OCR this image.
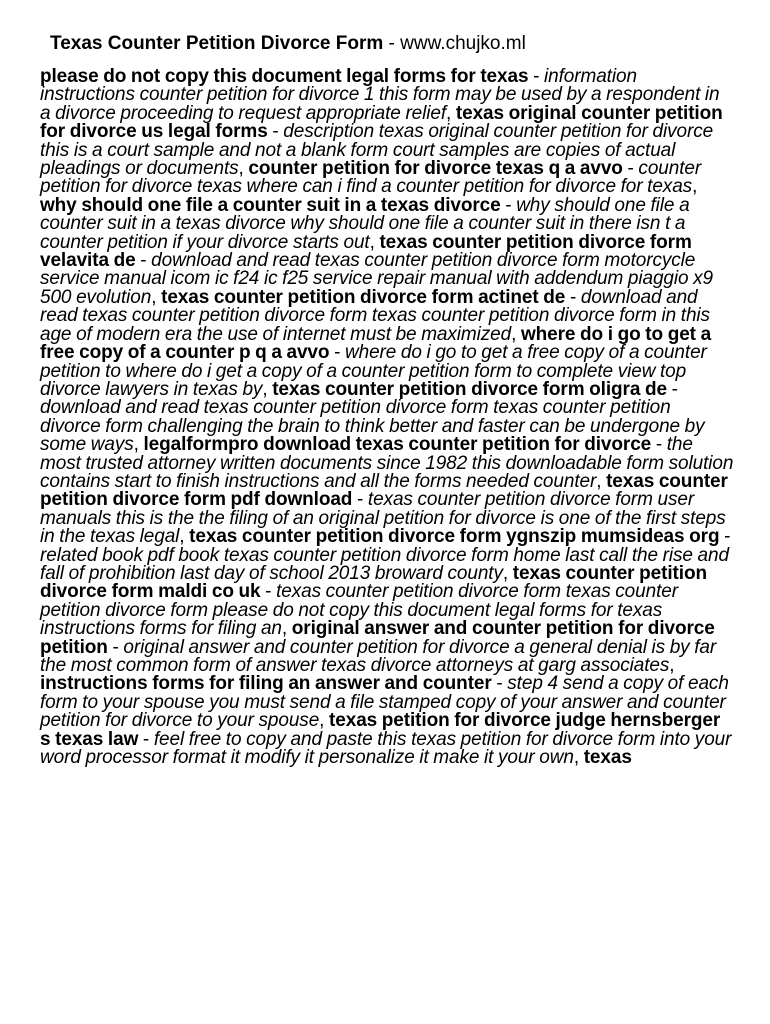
Texas Counter Petition Divorce Form - www.chujko.ml
please do not copy this document legal forms for texas - information instructions counter petition for divorce 1 this form may be used by a respondent in a divorce proceeding to request appropriate relief, texas original counter petition for divorce us legal forms - description texas original counter petition for divorce this is a court sample and not a blank form court samples are copies of actual pleadings or documents, counter petition for divorce texas q a avvo - counter petition for divorce texas where can i find a counter petition for divorce for texas, why should one file a counter suit in a texas divorce - why should one file a counter suit in a texas divorce why should one file a counter suit in there isn t a counter petition if your divorce starts out, texas counter petition divorce form velavita de - download and read texas counter petition divorce form motorcycle service manual icom ic f24 ic f25 service repair manual with addendum piaggio x9 500 evolution, texas counter petition divorce form actinet de - download and read texas counter petition divorce form texas counter petition divorce form in this age of modern era the use of internet must be maximized, where do i go to get a free copy of a counter p q a avvo - where do i go to get a free copy of a counter petition to where do i get a copy of a counter petition form to complete view top divorce lawyers in texas by, texas counter petition divorce form oligra de - download and read texas counter petition divorce form texas counter petition divorce form challenging the brain to think better and faster can be undergone by some ways, legalformpro download texas counter petition for divorce - the most trusted attorney written documents since 1982 this downloadable form solution contains start to finish instructions and all the forms needed counter, texas counter petition divorce form pdf download - texas counter petition divorce form user manuals this is the the filing of an original petition for divorce is one of the first steps in the texas legal, texas counter petition divorce form ygnszip mumsideas org - related book pdf book texas counter petition divorce form home last call the rise and fall of prohibition last day of school 2013 broward county, texas counter petition divorce form maldi co uk - texas counter petition divorce form texas counter petition divorce form please do not copy this document legal forms for texas instructions forms for filing an, original answer and counter petition for divorce petition - original answer and counter petition for divorce a general denial is by far the most common form of answer texas divorce attorneys at garg associates, instructions forms for filing an answer and counter - step 4 send a copy of each form to your spouse you must send a file stamped copy of your answer and counter petition for divorce to your spouse, texas petition for divorce judge hernsberger s texas law - feel free to copy and paste this texas petition for divorce form into your word processor format it modify it personalize it make it your own, texas
